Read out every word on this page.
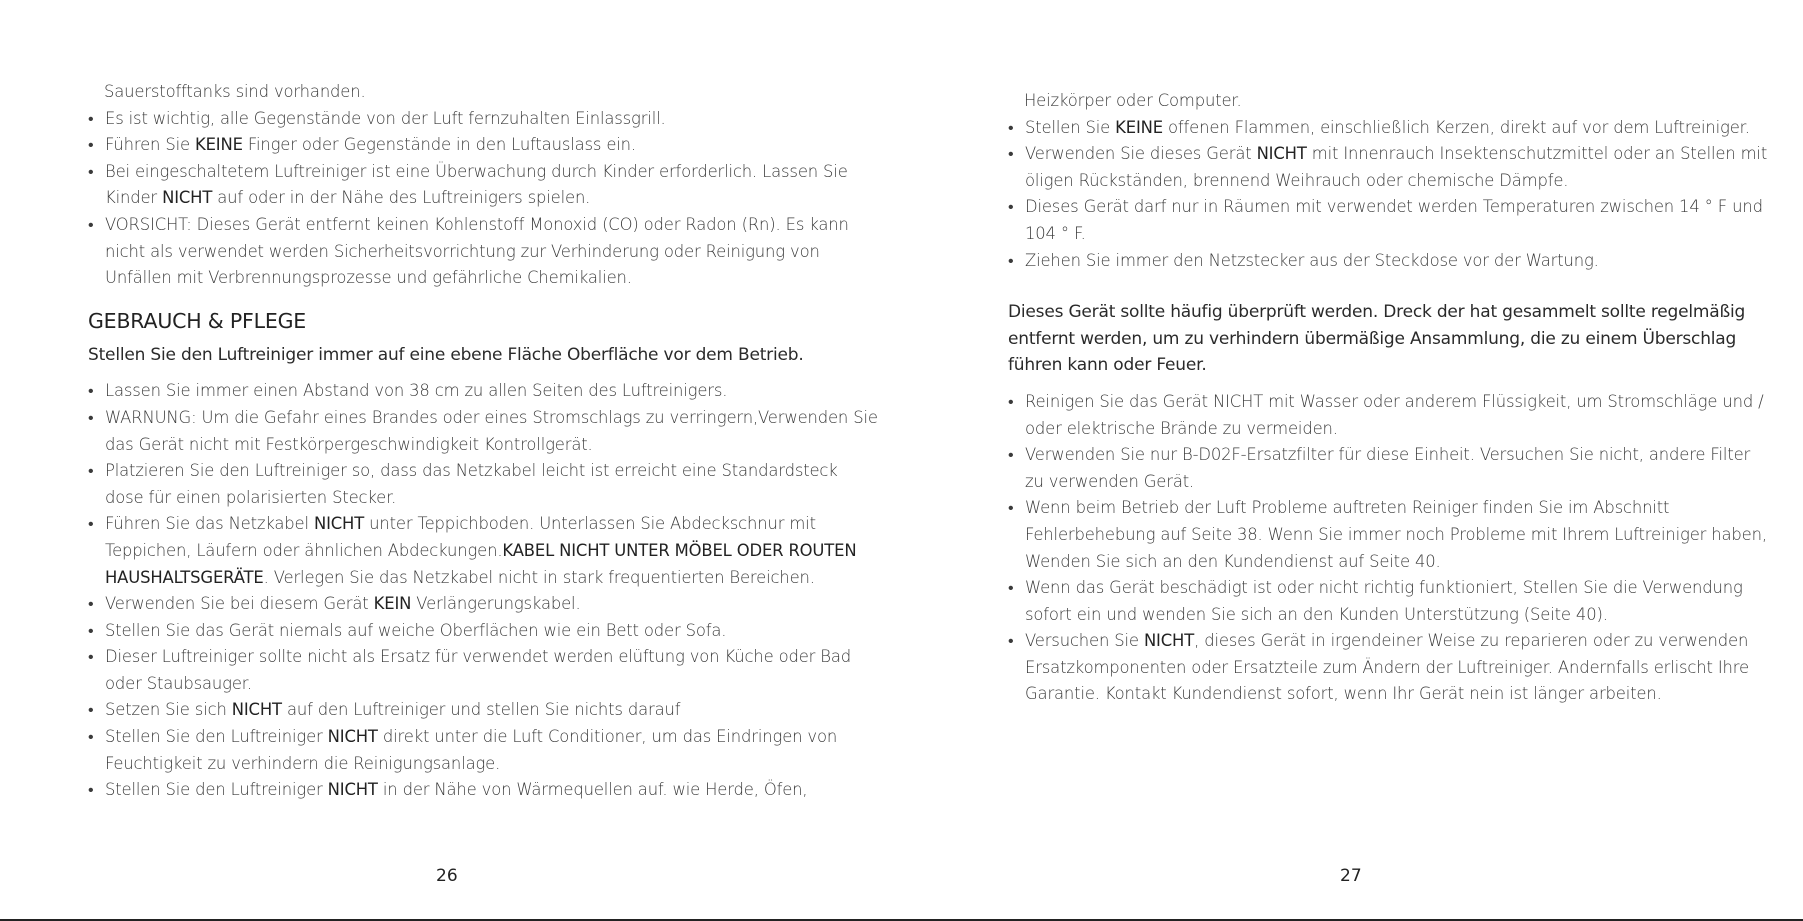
Sauerstofftanks sind vorhanden.

• Es ist wichtig, alle Gegenstände von der Luft fernzuhalten Einlassgrill.
• Führen Sie KEINE Finger oder Gegenstände in den Luftauslass ein.
• Bei eingeschaltetem Luftreiniger ist eine Überwachung durch Kinder erforderlich. Lassen Sie Kinder NICHT auf oder in der Nähe des Luftreinigers spielen.
• VORSICHT: Dieses Gerät entfernt keinen Kohlenstoff Monoxid (CO) oder Radon (Rn). Es kann nicht als verwendet werden Sicherheitsvorrichtung zur Verhinderung oder Reinigung von Unfällen mit Verbrennungsprozesse und gefährliche Chemikalien.
GEBRAUCH & PFLEGE

Stellen Sie den Luftreiniger immer auf eine ebene Fläche Oberfläche vor dem Betrieb.

• Lassen Sie immer einen Abstand von 38 cm zu allen Seiten des Luftreinigers.
• WARNUNG: Um die Gefahr eines Brandes oder eines Stromschlags zu verringern,Verwenden Sie das Gerät nicht mit Festkörpergeschwindigkeit Kontrollgerät.
• Platzieren Sie den Luftreiniger so, dass das Netzkabel leicht ist erreicht eine Standardsteck dose für einen polarisierten Stecker.
• Führen Sie das Netzkabel NICHT unter Teppichboden. Unterlassen Sie Abdeckschnur mit Teppichen, Läufern oder ähnlichen Abdeckungen.KABEL NICHT UNTER MÖBEL ODER ROUTEN HAUSHALTSGERÄTE. Verlegen Sie das Netzkabel nicht in stark frequentierten Bereichen.
• Verwenden Sie bei diesem Gerät KEIN Verlängerungskabel.
• Stellen Sie das Gerät niemals auf weiche Oberflächen wie ein Bett oder Sofa.
• Dieser Luftreiniger sollte nicht als Ersatz für verwendet werden elüftung von Küche oder Bad oder Staubsauger.
• Setzen Sie sich NICHT auf den Luftreiniger und stellen Sie nichts darauf
• Stellen Sie den Luftreiniger NICHT direkt unter die Luft Conditioner, um das Eindringen von Feuchtigkeit zu verhindern die Reinigungsanlage.
• Stellen Sie den Luftreiniger NICHT in der Nähe von Wärmequellen auf. wie Herde, Öfen,
26

Heizkörper oder Computer.

• Stellen Sie KEINE offenen Flammen, einschließlich Kerzen, direkt auf vor dem Luftreiniger.
• Verwenden Sie dieses Gerät NICHT mit Innenrauch Insektenschutzmittel oder an Stellen mit öligen Rückständen, brennend Weihrauch oder chemische Dämpfe.
• Dieses Gerät darf nur in Räumen mit verwendet werden Temperaturen zwischen 14 ° F und 104 ° F.
• Ziehen Sie immer den Netzstecker aus der Steckdose vor der Wartung.

Dieses Gerät sollte häufig überprüft werden. Dreck der hat gesammelt sollte regelmäßig entfernt werden, um zu verhindern übermäßige Ansammlung, die zu einem Überschlag führen kann oder Feuer.

• Reinigen Sie das Gerät NICHT mit Wasser oder anderem Flüssigkeit, um Stromschläge und / oder elektrische Brände zu vermeiden.
• Verwenden Sie nur B-D02F-Ersatzfilter für diese Einheit. Versuchen Sie nicht, andere Filter zu verwenden Gerät.
• Wenn beim Betrieb der Luft Probleme auftreten Reiniger finden Sie im Abschnitt Fehlerbehebung auf Seite 38. Wenn Sie immer noch Probleme mit Ihrem Luftreiniger haben, Wenden Sie sich an den Kundendienst auf Seite 40.
• Wenn das Gerät beschädigt ist oder nicht richtig funktioniert, Stellen Sie die Verwendung sofort ein und wenden Sie sich an den Kunden Unterstützung (Seite 40).
• Versuchen Sie NICHT, dieses Gerät in irgendeiner Weise zu reparieren oder zu verwenden Ersatzkomponenten oder Ersatzteile zum Ändern der Luftreiniger. Andernfalls erlischt Ihre Garantie. Kontakt Kundendienst sofort, wenn Ihr Gerät nein ist länger arbeiten.
27
